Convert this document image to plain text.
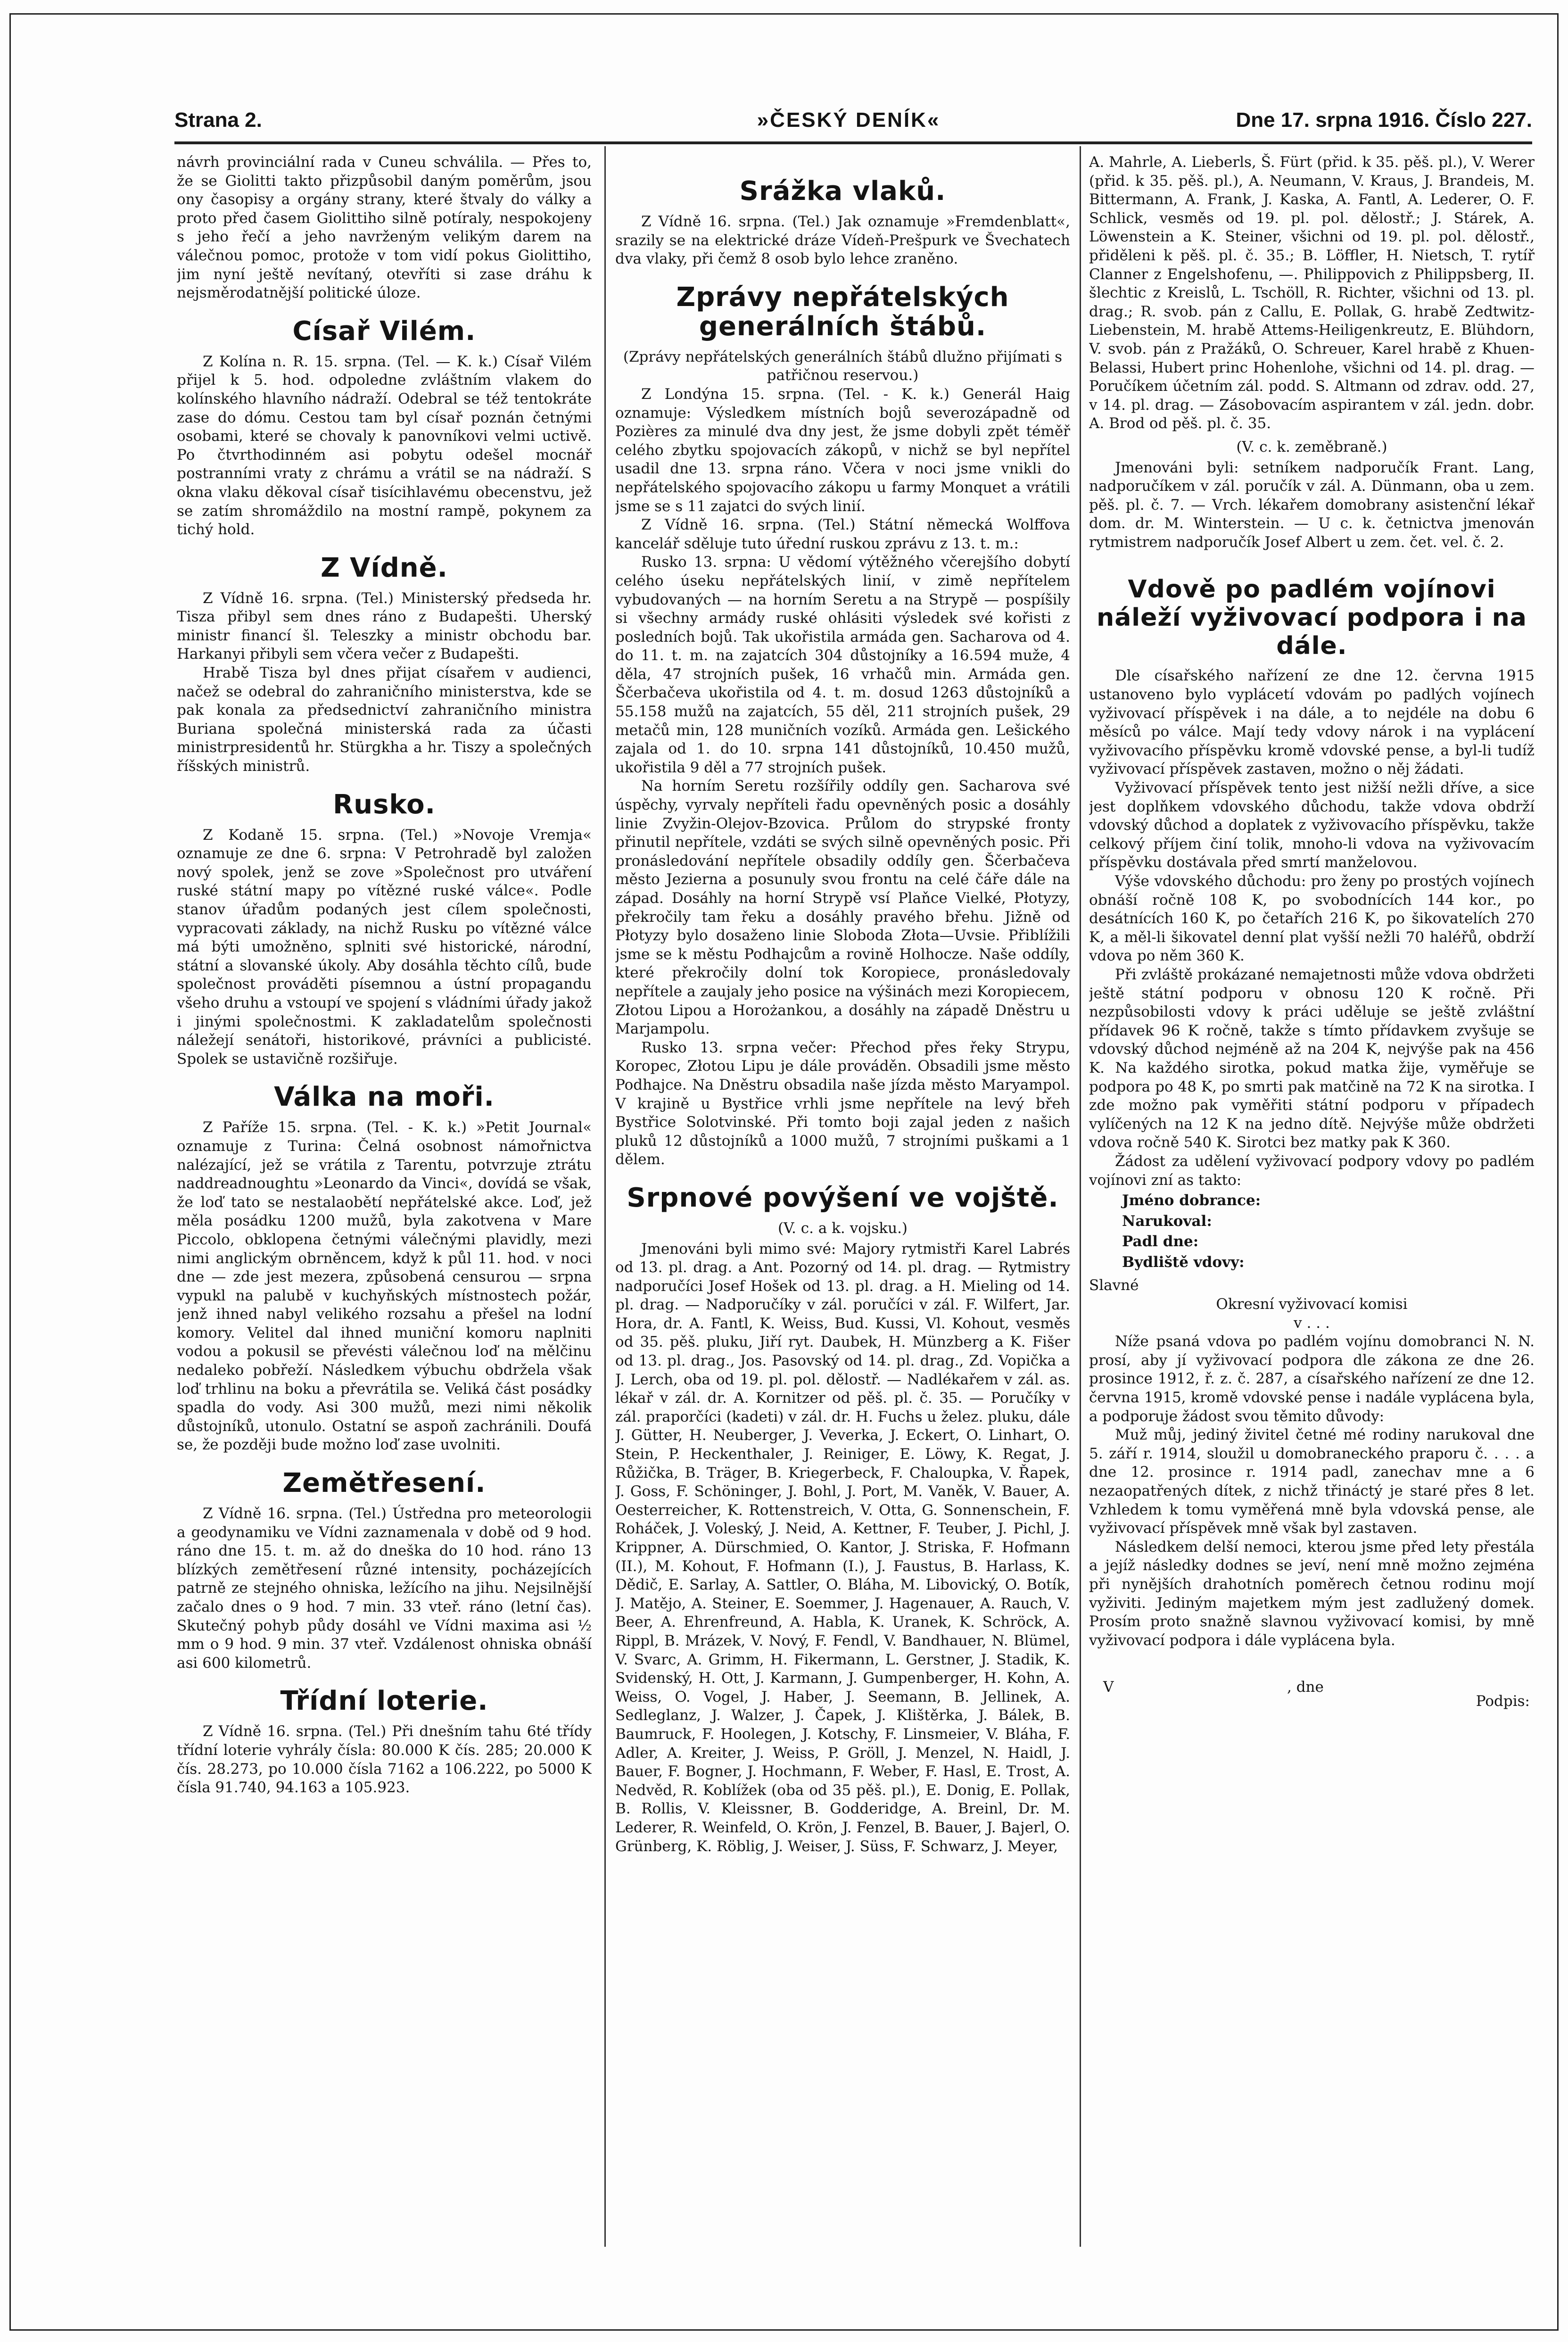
Strana 2.	»ČESKÝ DENÍK«	Dne 17. srpna 1916. Číslo 227.

návrh provinciální rada v Cuneu schválila. — Přes to, že se Giolitti takto přizpůsobil daným poměrům, jsou ony časopisy a orgány strany, které štvaly do války a proto před časem Giolittiho silně potíraly, nespokojeny s jeho řečí a jeho navrženým velikým darem na válečnou pomoc, protože v tom vidí pokus Giolittiho, jim nyní ještě nevítaný, otevříti si zase dráhu k nejsměrodatnější politické úloze.

Císař Vilém.

Z Kolína n. R. 15. srpna. (Tel. — K. k.) Císař Vilém přijel k 5. hod. odpoledne zvláštním vlakem do kolínského hlavního nádraží. Odebral se též tentokráte zase do dómu. Cestou tam byl císař poznán četnými osobami, které se chovaly k panovníkovi velmi uctivě. Po čtvrthodinném asi pobytu odešel mocnář postranními vraty z chrámu a vrátil se na nádraží. S okna vlaku děkoval císař tisícihlavému obecenstvu, jež se zatím shromáždilo na mostní rampě, pokynem za tichý hold.

Z Vídně.

Z Vídně 16. srpna. (Tel.) Ministerský předseda hr. Tisza přibyl sem dnes ráno z Budapešti. Uherský ministr financí šl. Teleszky a ministr obchodu bar. Harkanyi přibyli sem včera večer z Budapešti.

Hrabě Tisza byl dnes přijat císařem v audienci, načež se odebral do zahraničního ministerstva, kde se pak konala za předsednictví zahraničního ministra Buriana společná ministerská rada za účasti ministrpresidentů hr. Stürgkha a hr. Tiszy a společných říšských ministrů.

Rusko.

Z Kodaně 15. srpna. (Tel.) »Novoje Vremja« oznamuje ze dne 6. srpna: V Petrohradě byl založen nový spolek, jenž se zove »Společnost pro utváření ruské státní mapy po vítězné ruské válce«. Podle stanov úřadům podaných jest cílem společnosti, vypracovati základy, na nichž Rusku po vítězné válce má býti umožněno, splniti své historické, národní, státní a slovanské úkoly. Aby dosáhla těchto cílů, bude společnost prováděti písemnou a ústní propagandu všeho druhu a vstoupí ve spojení s vládními úřady jakož i jinými společnostmi. K zakladatelům společnosti náležejí senátoři, historikové, právníci a publicisté. Spolek se ustavičně rozšiřuje.

Válka na moři.

Z Paříže 15. srpna. (Tel. - K. k.) »Petit Journal« oznamuje z Turina: Čelná osobnost námořnictva nalézající, jež se vrátila z Tarentu, potvrzuje ztrátu naddreadnoughtu »Leonardo da Vinci«, dovídá se však, že loď tato se nestalaobětí nepřátelské akce. Loď, jež měla posádku 1200 mužů, byla zakotvena v Mare Piccolo, obklopena četnými válečnými plavidly, mezi nimi anglickým obrněncem, když k půl 11. hod. v noci dne — zde jest mezera, způsobená censurou — srpna vypukl na palubě v kuchyňských místnostech požár, jenž ihned nabyl velikého rozsahu a přešel na lodní komory. Velitel dal ihned muniční komoru naplniti vodou a pokusil se převésti válečnou loď na mělčinu nedaleko pobřeží. Následkem výbuchu obdržela však loď trhlinu na boku a převrátila se. Veliká část posádky spadla do vody. Asi 300 mužů, mezi nimi několik důstojníků, utonulo. Ostatní se aspoň zachránili. Doufá se, že později bude možno loď zase uvolniti.

Zemětřesení.

Z Vídně 16. srpna. (Tel.) Ústředna pro meteorologii a geodynamiku ve Vídni zaznamenala v době od 9 hod. ráno dne 15. t. m. až do dneška do 10 hod. ráno 13 blízkých zemětřesení různé intensity, pocházejících patrně ze stejného ohniska, ležícího na jihu. Nejsilnější začalo dnes o 9 hod. 7 min. 33 vteř. ráno (letní čas). Skutečný pohyb půdy dosáhl ve Vídni maxima asi ½ mm o 9 hod. 9 min. 37 vteř. Vzdálenost ohniska obnáší asi 600 kilometrů.

Třídní loterie.

Z Vídně 16. srpna. (Tel.) Při dnešním tahu 6té třídy třídní loterie vyhrály čísla: 80.000 K čís. 285; 20.000 K čís. 28.273, po 10.000 čísla 7162 a 106.222, po 5000 K čísla 91.740, 94.163 a 105.923.

Srážka vlaků.

Z Vídně 16. srpna. (Tel.) Jak oznamuje »Fremdenblatt«, srazily se na elektrické dráze Vídeň-Prešpurk ve Švechatech dva vlaky, při čemž 8 osob bylo lehce zraněno.

Zprávy nepřátelských generálních štábů.

(Zprávy nepřátelských generálních štábů dlužno přijímati s patřičnou reservou.)

Z Londýna 15. srpna. (Tel. - K. k.) Generál Haig oznamuje: Výsledkem místních bojů severozápadně od Pozières za minulé dva dny jest, že jsme dobyli zpět téměř celého zbytku spojovacích zákopů, v nichž se byl nepřítel usadil dne 13. srpna ráno. Včera v noci jsme vnikli do nepřátelského spojovacího zákopu u farmy Monquet a vrátili jsme se s 11 zajatci do svých linií.

Z Vídně 16. srpna. (Tel.) Státní německá Wolffova kancelář sděluje tuto úřední ruskou zprávu z 13. t. m.:

Rusko 13. srpna: U vědomí výtěžného včerejšího dobytí celého úseku nepřátelských linií, v zimě nepřítelem vybudovaných — na horním Seretu a na Strypě — pospíšily si všechny armády ruské ohlásiti výsledek své kořisti z posledních bojů. Tak ukořistila armáda gen. Sacharova od 4. do 11. t. m. na zajatcích 304 důstojníky a 16.594 muže, 4 děla, 47 strojních pušek, 16 vrhačů min. Armáda gen. Ščerbačeva ukořistila od 4. t. m. dosud 1263 důstojníků a 55.158 mužů na zajatcích, 55 děl, 211 strojních pušek, 29 metačů min, 128 muničních vozíků. Armáda gen. Lešického zajala od 1. do 10. srpna 141 důstojníků, 10.450 mužů, ukořistila 9 děl a 77 strojních pušek.

Na horním Seretu rozšířily oddíly gen. Sacharova své úspěchy, vyrvaly nepříteli řadu opevněných posic a dosáhly linie Zvyžin-Olejov-Bzovica. Průlom do strypské fronty přinutil nepřítele, vzdáti se svých silně opevněných posic. Při pronásledování nepřítele obsadily oddíly gen. Ščerbačeva město Jezierna a posunuly svou frontu na celé čáře dále na západ. Dosáhly na horní Strypě vsí Plaňce Vielké, Płotyzy, překročily tam řeku a dosáhly pravého břehu. Jižně od Płotyzy bylo dosaženo linie Sloboda Złota—Uvsie. Přiblížili jsme se k městu Podhajcům a rovině Holhocze. Naše oddíly, které překročily dolní tok Koropiece, pronásledovaly nepřítele a zaujaly jeho posice na výšinách mezi Koropiecem, Złotou Lipou a Horożankou, a dosáhly na západě Dněstru u Marjampolu.

Rusko 13. srpna večer: Přechod přes řeky Strypu, Koropec, Złotou Lipu je dále prováděn. Obsadili jsme město Podhajce. Na Dněstru obsadila naše jízda město Maryampol. V krajině u Bystřice vrhli jsme nepřítele na levý břeh Bystřice Solotvinské. Při tomto boji zajal jeden z našich pluků 12 důstojníků a 1000 mužů, 7 strojními puškami a 1 dělem.

Srpnové povýšení ve vojště.
(V. c. a k. vojsku.)

Jmenováni byli mimo své: Majory rytmistři Karel Labrés od 13. pl. drag. a Ant. Pozorný od 14. pl. drag. — Rytmistry nadporučíci Josef Hošek od 13. pl. drag. a H. Mieling od 14. pl. drag. — Nadporučíky v zál. poručíci v zál. F. Wilfert, Jar. Hora, dr. A. Fantl, K. Weiss, Bud. Kussi, Vl. Kohout, vesměs od 35. pěš. pluku, Jiří ryt. Daubek, H. Münzberg a K. Fišer od 13. pl. drag., Jos. Pasovský od 14. pl. drag., Zd. Vopička a J. Lerch, oba od 19. pl. pol. dělostř. — Nadlékařem v zál. as. lékař v zál. dr. A. Kornitzer od pěš. pl. č. 35. — Poručíky v zál. praporčíci (kadeti) v zál. dr. H. Fuchs u želez. pluku, dále J. Gütter, H. Neuberger, J. Veverka, J. Eckert, O. Linhart, O. Stein, P. Heckenthaler, J. Reiniger, E. Löwy, K. Regat, J. Růžička, B. Träger, B. Kriegerbeck, F. Chaloupka, V. Řapek, J. Goss, F. Schöninger, J. Bohl, J. Port, M. Vaněk, V. Bauer, A. Oesterreicher, K. Rottenstreich, V. Otta, G. Sonnenschein, F. Roháček, J. Voleský, J. Neid, A. Kettner, F. Teuber, J. Pichl, J. Krippner, A. Dürschmied, O. Kantor, J. Striska, F. Hofmann (II.), M. Kohout, F. Hofmann (I.), J. Faustus, B. Harlass, K. Dědič, E. Sarlay, A. Sattler, O. Bláha, M. Libovický, O. Botík, J. Matějo, A. Steiner, E. Soemmer, J. Hagenauer, A. Rauch, V. Beer, A. Ehrenfreund, A. Habla, K. Uranek, K. Schröck, A. Rippl, B. Mrázek, V. Nový, F. Fendl, V. Bandhauer, N. Blümel, V. Svarc, A. Grimm, H. Fikermann, L. Gerstner, J. Stadik, K. Svidenský, H. Ott, J. Karmann, J. Gumpenberger, H. Kohn, A. Weiss, O. Vogel, J. Haber, J. Seemann, B. Jellinek, A. Sedleglanz, J. Walzer, J. Čapek, J. Klištěrka, J. Bálek, B. Baumruck, F. Hoolegen, J. Kotschy, F. Linsmeier, V. Bláha, F. Adler, A. Kreiter, J. Weiss, P. Gröll, J. Menzel, N. Haidl, J. Bauer, F. Bogner, J. Hochmann, F. Weber, F. Hasl, E. Trost, A. Nedvěd, R. Koblížek (oba od 35 pěš. pl.), E. Donig, E. Pollak, B. Rollis, V. Kleissner, B. Godderidge, A. Breinl, Dr. M. Lederer, R. Weinfeld, O. Krön, J. Fenzel, B. Bauer, J. Bajerl, O. Grünberg, K. Röblig, J. Weiser, J. Süss, F. Schwarz, J. Meyer,

A. Mahrle, A. Lieberls, Š. Fürt (přid. k 35. pěš. pl.), V. Werer (přid. k 35. pěš. pl.), A. Neumann, V. Kraus, J. Brandeis, M. Bittermann, A. Frank, J. Kaska, A. Fantl, A. Lederer, O. F. Schlick, vesměs od 19. pl. pol. dělostř.; J. Stárek, A. Löwenstein a K. Steiner, všichni od 19. pl. pol. dělostř., přiděleni k pěš. pl. č. 35.; B. Löffler, H. Nietsch, T. rytíř Clanner z Engelshofenu, —. Philippovich z Philippsberg, II. šlechtic z Kreislů, L. Tschöll, R. Richter, všichni od 13. pl. drag.; R. svob. pán z Callu, E. Pollak, G. hrabě Zedtwitz-Liebenstein, M. hrabě Attems-Heiligenkreutz, E. Blühdorn, V. svob. pán z Pražáků, O. Schreuer, Karel hrabě z Khuen-Belassi, Hubert princ Hohenlohe, všichni od 14. pl. drag. — Poručíkem účetním zál. podd. S. Altmann od zdrav. odd. 27, v 14. pl. drag. — Zásobovacím aspirantem v zál. jedn. dobr. A. Brod od pěš. pl. č. 35.

(V. c. k. zeměbraně.)

Jmenováni byli: setníkem nadporučík Frant. Lang, nadporučíkem v zál. poručík v zál. A. Dünmann, oba u zem. pěš. pl. č. 7. — Vrch. lékařem domobrany asistenční lékař dom. dr. M. Winterstein. — U c. k. četnictva jmenován rytmistrem nadporučík Josef Albert u zem. čet. vel. č. 2.

Vdově po padlém vojínovi náleží vyživovací podpora i na dále.

Dle císařského nařízení ze dne 12. června 1915 ustanoveno bylo vyplácetí vdovám po padlých vojínech vyživovací příspěvek i na dále, a to nejdéle na dobu 6 měsíců po válce. Mají tedy vdovy nárok i na vyplácení vyživovacího příspěvku kromě vdovské pense, a byl-li tudíž vyživovací příspěvek zastaven, možno o něj žádati.

Vyživovací příspěvek tento jest nižší nežli dříve, a sice jest doplňkem vdovského důchodu, takže vdova obdrží vdovský důchod a doplatek z vyživovacího příspěvku, takže celkový příjem činí tolik, mnoho-li vdova na vyživovacím příspěvku dostávala před smrtí manželovou.

Výše vdovského důchodu: pro ženy po prostých vojínech obnáší ročně 108 K, po svobodnících 144 kor., po desátnících 160 K, po četařích 216 K, po šikovatelích 270 K, a měl-li šikovatel denní plat vyšší nežli 70 haléřů, obdrží vdova po něm 360 K.

Při zvláště prokázané nemajetnosti může vdova obdržeti ještě státní podporu v obnosu 120 K ročně. Při nezpůsobilosti vdovy k práci uděluje se ještě zvláštní přídavek 96 K ročně, takže s tímto přídavkem zvyšuje se vdovský důchod nejméně až na 204 K, nejvýše pak na 456 K. Na každého sirotka, pokud matka žije, vyměřuje se podpora po 48 K, po smrti pak matčině na 72 K na sirotka. I zde možno pak vyměřiti státní podporu v případech vylíčených na 12 K na jedno dítě. Nejvýše může obdržeti vdova ročně 540 K. Sirotci bez matky pak K 360.

Žádost za udělení vyživovací podpory vdovy po padlém vojínovi zní as takto:

Jméno dobrance:
Narukoval:
Padl dne:
Bydliště vdovy:

Slavné

Okresní vyživovací komisi

v . . .

Níže psaná vdova po padlém vojínu domobranci N. N. prosí, aby jí vyživovací podpora dle zákona ze dne 26. prosince 1912, ř. z. č. 287, a císařského nařízení ze dne 12. června 1915, kromě vdovské pense i nadále vyplácena byla, a podporuje žádost svou těmito důvody:

Muž můj, jediný živitel četné mé rodiny narukoval dne 5. září r. 1914, sloužil u domobraneckého praporu č. . . . a dne 12. prosince r. 1914 padl, zanechav mne a 6 nezaopatřených dítek, z nichž třináctý je staré přes 8 let. Vzhledem k tomu vyměřená mně byla vdovská pense, ale vyživovací příspěvek mně však byl zastaven.

Následkem delší nemoci, kterou jsme před lety přestála a jejíž následky dodnes se jeví, není mně možno zejména při nynějších drahotních poměrech četnou rodinu mojí vyživiti. Jediným majetkem mým jest zadlužený domek. Prosím proto snažně slavnou vyživovací komisi, by mně vyživovací podpora i dále vyplácena byla.

V	, dne
Podpis:
